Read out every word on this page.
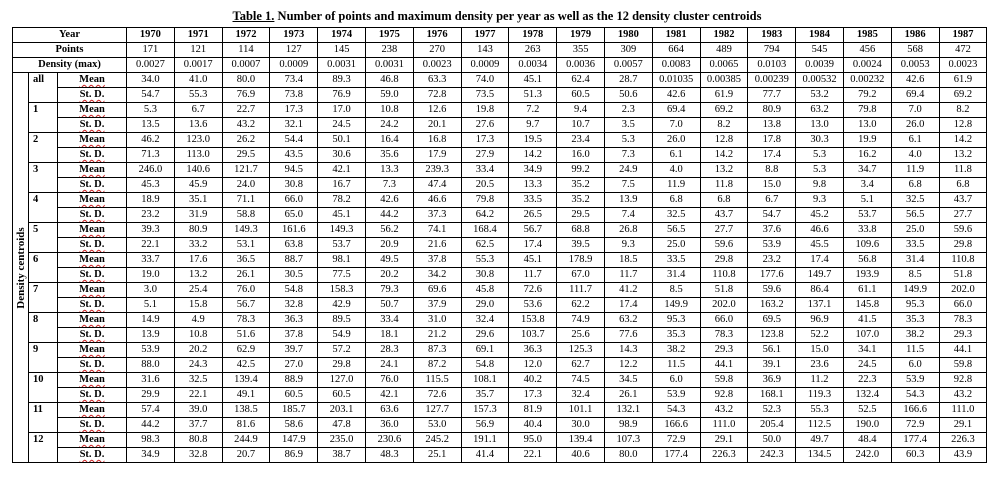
Table 1. Number of points and maximum density per year as well as the 12 density cluster centroids
Year			1970	1971	1972	1973	1974	1975	1976	1977	1978	1979	1980	1981	1982	1983	1984	1985	1986	1987
Points			171	121	114	127	145	238	270	143	263	355	309	664	489	794	545	456	568	472
Density (max)			0.0027	0.0017	0.0007	0.0009	0.0031	0.0031	0.0023	0.0009	0.0034	0.0036	0.0057	0.0083	0.0065	0.0103	0.0039	0.0024	0.0053	0.0023

Density centroids	all	Mean	34.0	41.0	80.0	73.4	89.3	46.8	63.3	74.0	45.1	62.4	28.7	0.01035	0.00385	0.00239	0.00532	0.00232	42.6	61.9
		St. D.	54.7	55.3	76.9	73.8	76.9	59.0	72.8	73.5	51.3	60.5	50.6	42.6	61.9	77.7	53.2	79.2	69.4	69.2
	1	Mean	5.3	6.7	22.7	17.3	17.0	10.8	12.6	19.8	7.2	9.4	2.3	69.4	69.2	80.9	63.2	79.8	7.0	8.2
		St. D.	13.5	13.6	43.2	32.1	24.5	24.2	20.1	27.6	9.7	10.7	3.5	7.0	8.2	13.8	13.0	13.0	26.0	12.8
	2	Mean	46.2	123.0	26.2	54.4	50.1	16.4	16.8	17.3	19.5	23.4	5.3	26.0	12.8	17.8	30.3	19.9	6.1	14.2
		St. D.	71.3	113.0	29.5	43.5	30.6	35.6	17.9	27.9	14.2	16.0	7.3	6.1	14.2	17.4	5.3	16.2	4.0	13.2
	3	Mean	246.0	140.6	121.7	94.5	42.1	13.3	239.3	33.4	34.9	99.2	24.9	4.0	13.2	8.8	5.3	34.7	11.9	11.8
		St. D.	45.3	45.9	24.0	30.8	16.7	7.3	47.4	20.5	13.3	35.2	7.5	11.9	11.8	15.0	9.8	3.4	6.8	6.8
	4	Mean	18.9	35.1	71.1	66.0	78.2	42.6	46.6	79.8	33.5	35.2	13.9	6.8	6.8	6.7	9.3	5.1	32.5	43.7
		St. D.	23.2	31.9	58.8	65.0	45.1	44.2	37.3	64.2	26.5	29.5	7.4	32.5	43.7	54.7	45.2	53.7	56.5	27.7
	5	Mean	39.3	80.9	149.3	161.6	149.3	56.2	74.1	168.4	56.7	68.8	26.8	56.5	27.7	37.6	46.6	33.8	25.0	59.6
		St. D.	22.1	33.2	53.1	63.8	53.7	20.9	21.6	62.5	17.4	39.5	9.3	25.0	59.6	53.9	45.5	109.6	33.5	29.8
	6	Mean	33.7	17.6	36.5	88.7	98.1	49.5	37.8	55.3	45.1	178.9	18.5	33.5	29.8	23.2	17.4	56.8	31.4	110.8
		St. D.	19.0	13.2	26.1	30.5	77.5	20.2	34.2	30.8	11.7	67.0	11.7	31.4	110.8	177.6	149.7	193.9	8.5	51.8
	7	Mean	3.0	25.4	76.0	54.8	158.3	79.3	69.6	45.8	72.6	111.7	41.2	8.5	51.8	59.6	86.4	61.1	149.9	202.0
		St. D.	5.1	15.8	56.7	32.8	42.9	50.7	37.9	29.0	53.6	62.2	17.4	149.9	202.0	163.2	137.1	145.8	95.3	66.0
	8	Mean	14.9	4.9	78.3	36.3	89.5	33.4	31.0	32.4	153.8	74.9	63.2	95.3	66.0	69.5	96.9	41.5	35.3	78.3
		St. D.	13.9	10.8	51.6	37.8	54.9	18.1	21.2	29.6	103.7	25.6	77.6	35.3	78.3	123.8	52.2	107.0	38.2	29.3
	9	Mean	53.9	20.2	62.9	39.7	57.2	28.3	87.3	69.1	36.3	125.3	14.3	38.2	29.3	56.1	15.0	34.1	11.5	44.1
		St. D.	88.0	24.3	42.5	27.0	29.8	24.1	87.2	54.8	12.0	62.7	12.2	11.5	44.1	39.1	23.6	24.5	6.0	59.8
	10	Mean	31.6	32.5	139.4	88.9	127.0	76.0	115.5	108.1	40.2	74.5	34.5	6.0	59.8	36.9	11.2	22.3	53.9	92.8
		St. D.	29.9	22.1	49.1	60.5	60.5	42.1	72.6	35.7	17.3	32.4	26.1	53.9	92.8	168.1	119.3	132.4	54.3	43.2
	11	Mean	57.4	39.0	138.5	185.7	203.1	63.6	127.7	157.3	81.9	101.1	132.1	54.3	43.2	52.3	55.3	52.5	166.6	111.0
		St. D.	44.2	37.7	81.6	58.6	47.8	36.0	53.0	56.9	40.4	30.0	98.9	166.6	111.0	205.4	112.5	190.0	72.9	29.1
	12	Mean	98.3	80.8	244.9	147.9	235.0	230.6	245.2	191.1	95.0	139.4	107.3	72.9	29.1	50.0	49.7	48.4	177.4	226.3
		St. D.	34.9	32.8	20.7	86.9	38.7	48.3	25.1	41.4	22.1	40.6	80.0	177.4	226.3	242.3	134.5	242.0	60.3	43.9
